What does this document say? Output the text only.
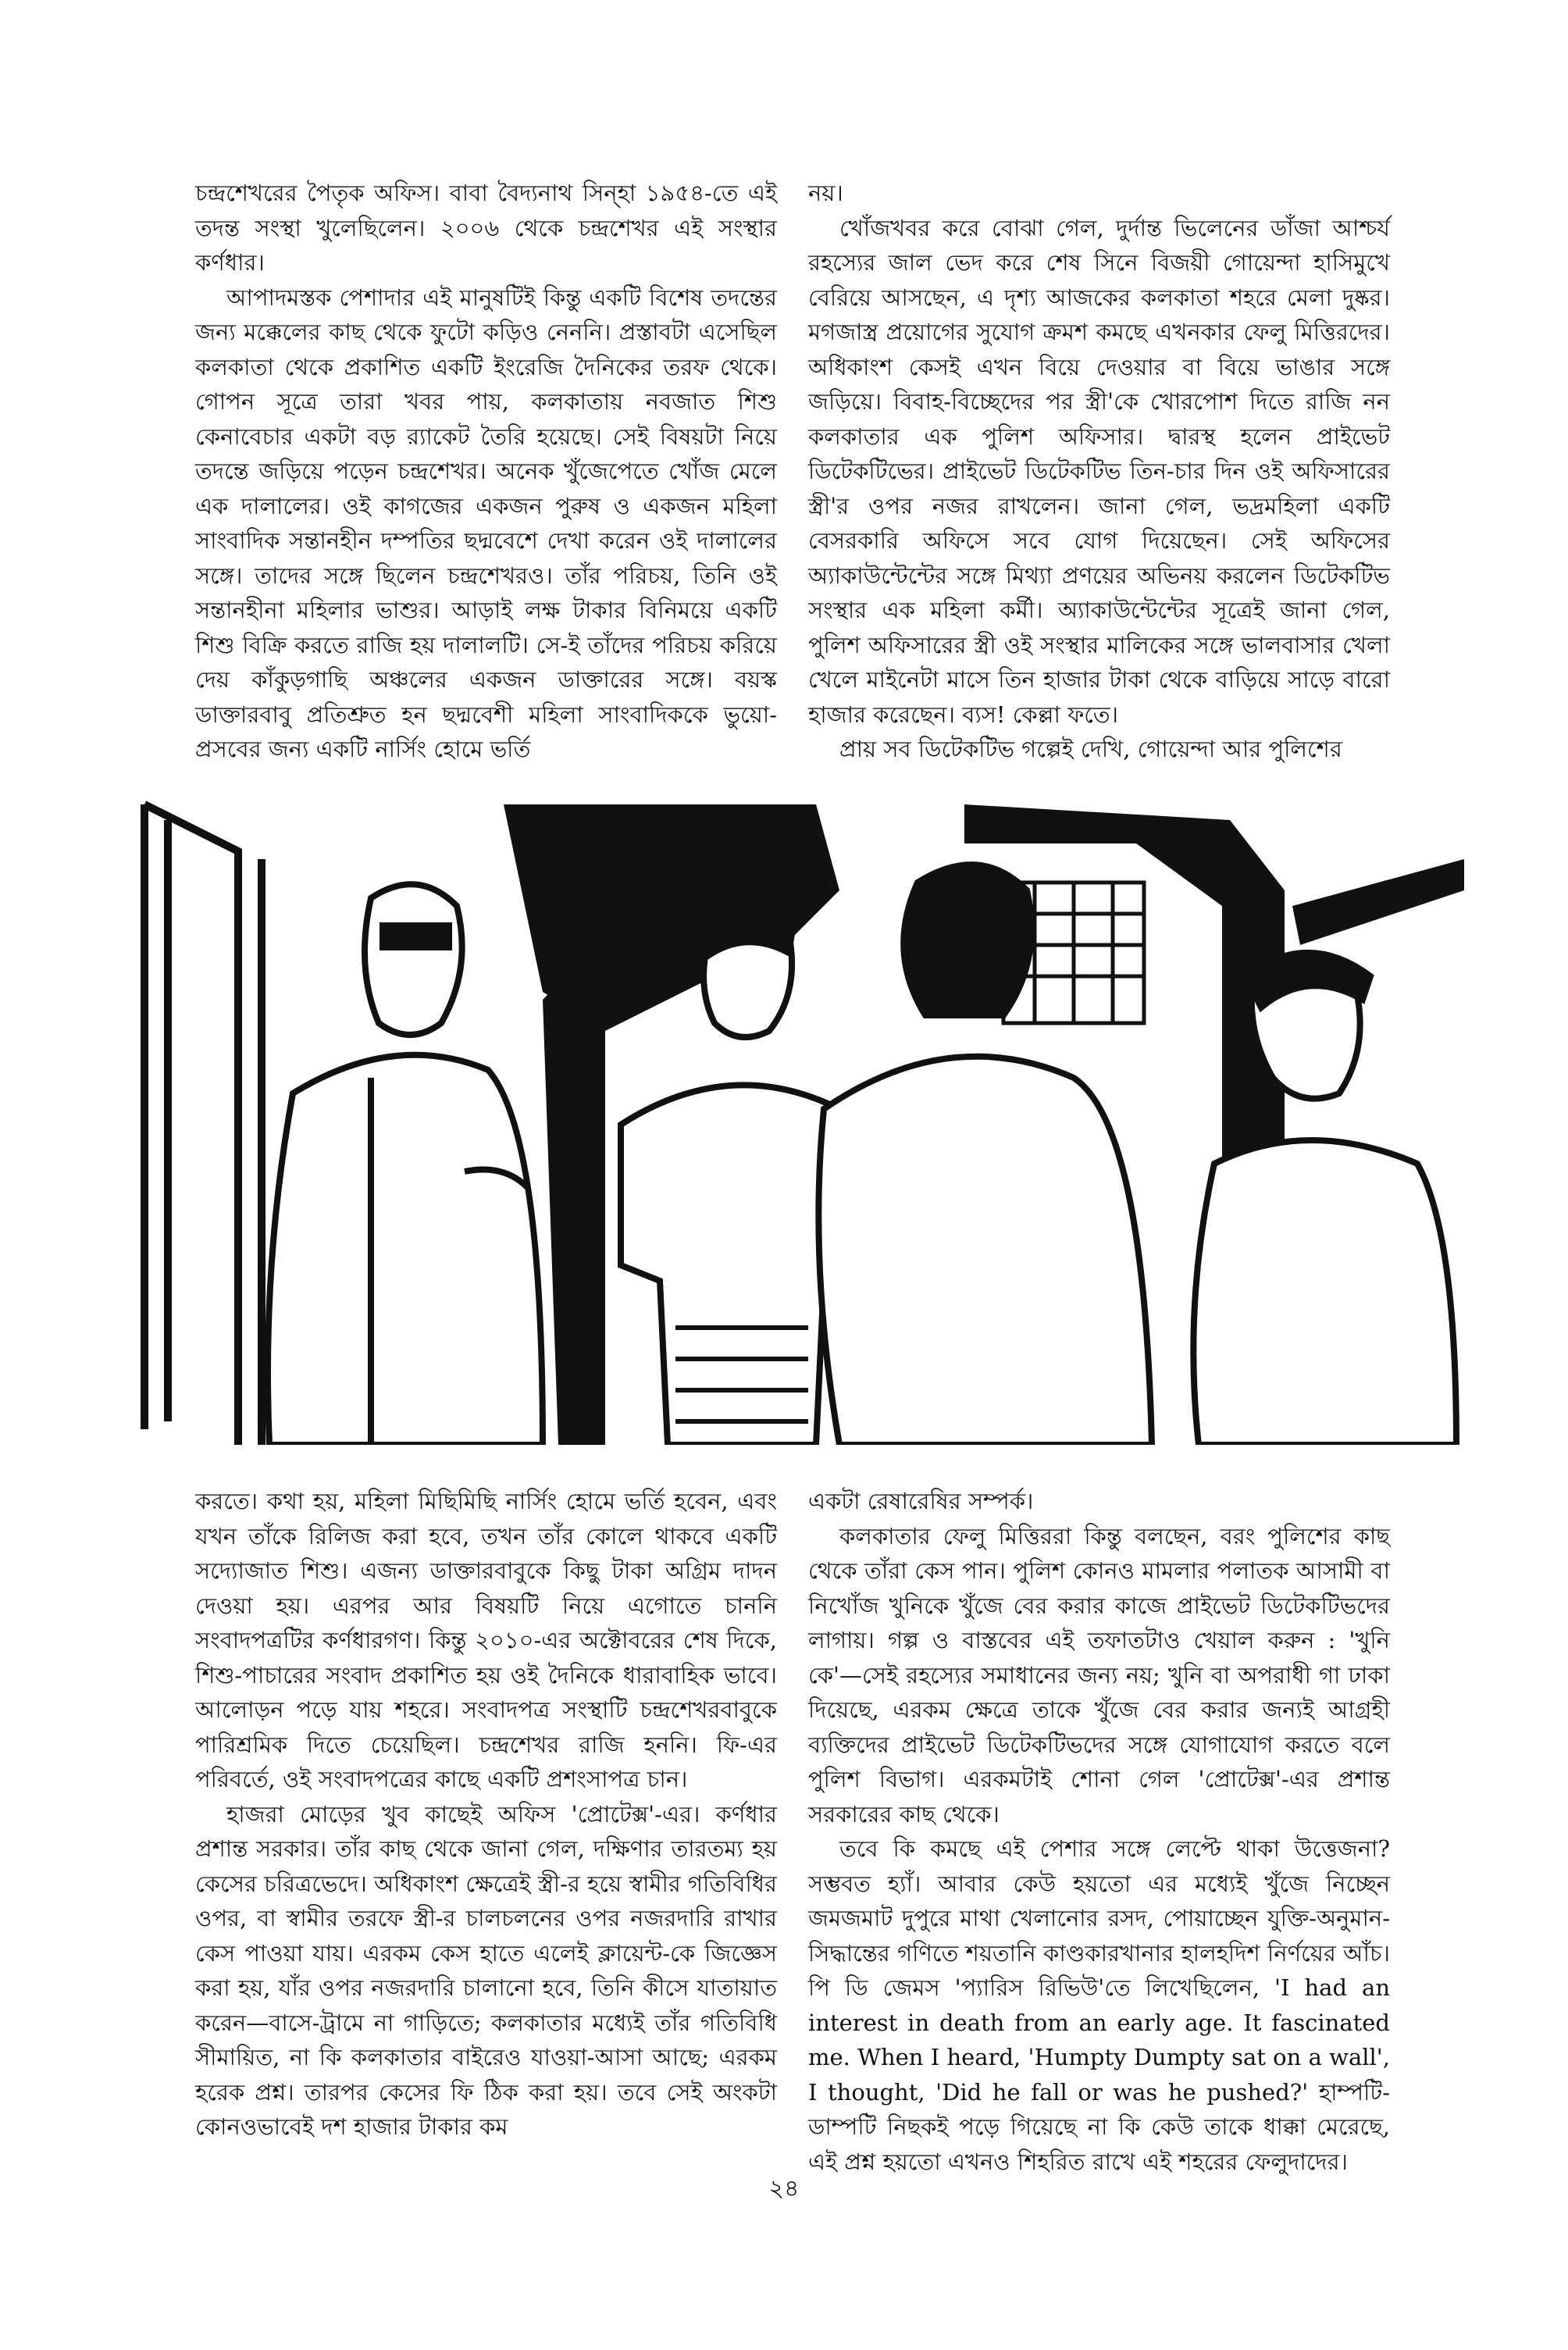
চন্দ্রশেখরের পৈতৃক অফিস। বাবা বৈদ্যনাথ সিন্‌হা ১৯৫৪-তে এই তদন্ত সংস্থা খুলেছিলেন। ২০০৬ থেকে চন্দ্রশেখর এই সংস্থার কর্ণধার।

আপাদমস্তক পেশাদার এই মানুষটিই কিন্তু একটি বিশেষ তদন্তের জন্য মক্কেলের কাছ থেকে ফুটো কড়িও নেননি। প্রস্তাবটা এসেছিল কলকাতা থেকে প্রকাশিত একটি ইংরেজি দৈনিকের তরফ থেকে। গোপন সূত্রে তারা খবর পায়, কলকাতায় নবজাত শিশু কেনাবেচার একটা বড় র‍্যাকেট তৈরি হয়েছে। সেই বিষয়টা নিয়ে তদন্তে জড়িয়ে পড়েন চন্দ্রশেখর। অনেক খুঁজেপেতে খোঁজ মেলে এক দালালের। ওই কাগজের একজন পুরুষ ও একজন মহিলা সাংবাদিক সন্তানহীন দম্পতির ছদ্মবেশে দেখা করেন ওই দালালের সঙ্গে। তাদের সঙ্গে ছিলেন চন্দ্রশেখরও। তাঁর পরিচয়, তিনি ওই সন্তানহীনা মহিলার ভাশুর। আড়াই লক্ষ টাকার বিনিময়ে একটি শিশু বিক্রি করতে রাজি হয় দালালটি। সে-ই তাঁদের পরিচয় করিয়ে দেয় কাঁকুড়গাছি অঞ্চলের একজন ডাক্তারের সঙ্গে। বয়স্ক ডাক্তারবাবু প্রতিশ্রুত হন ছদ্মবেশী মহিলা সাংবাদিককে ভুয়ো-প্রসবের জন্য একটি নার্সিং হোমে ভর্তি

নয়।

খোঁজখবর করে বোঝা গেল, দুর্দান্ত ভিলেনের ডাঁজা আশ্চর্য রহস্যের জাল ভেদ করে শেষ সিনে বিজয়ী গোয়েন্দা হাসিমুখে বেরিয়ে আসছেন, এ দৃশ্য আজকের কলকাতা শহরে মেলা দুষ্কর। মগজাস্ত্র প্রয়োগের সুযোগ ক্রমশ কমছে এখনকার ফেলু মিত্তিরদের। অধিকাংশ কেসই এখন বিয়ে দেওয়ার বা বিয়ে ভাঙার সঙ্গে জড়িয়ে। বিবাহ-বিচ্ছেদের পর স্ত্রী'কে খোরপোশ দিতে রাজি নন কলকাতার এক পুলিশ অফিসার। দ্বারস্থ হলেন প্রাইভেট ডিটেকটিভের। প্রাইভেট ডিটেকটিভ তিন-চার দিন ওই অফিসারের স্ত্রী'র ওপর নজর রাখলেন। জানা গেল, ভদ্রমহিলা একটি বেসরকারি অফিসে সবে যোগ দিয়েছেন। সেই অফিসের অ্যাকাউন্টেন্টের সঙ্গে মিথ্যা প্রণয়ের অভিনয় করলেন ডিটেকটিভ সংস্থার এক মহিলা কর্মী। অ্যাকাউন্টেন্টের সূত্রেই জানা গেল, পুলিশ অফিসারের স্ত্রী ওই সংস্থার মালিকের সঙ্গে ভালবাসার খেলা খেলে মাইনেটা মাসে তিন হাজার টাকা থেকে বাড়িয়ে সাড়ে বারো হাজার করেছেন। ব্যস! কেল্লা ফতে।

প্রায় সব ডিটেকটিভ গল্পেই দেখি, গোয়েন্দা আর পুলিশের

করতে। কথা হয়, মহিলা মিছিমিছি নার্সিং হোমে ভর্তি হবেন, এবং যখন তাঁকে রিলিজ করা হবে, তখন তাঁর কোলে থাকবে একটি সদ্যোজাত শিশু। এজন্য ডাক্তারবাবুকে কিছু টাকা অগ্রিম দাদন দেওয়া হয়। এরপর আর বিষয়টি নিয়ে এগোতে চাননি সংবাদপত্রটির কর্ণধারগণ। কিন্তু ২০১০-এর অক্টোবরের শেষ দিকে, শিশু-পাচারের সংবাদ প্রকাশিত হয় ওই দৈনিকে ধারাবাহিক ভাবে। আলোড়ন পড়ে যায় শহরে। সংবাদপত্র সংস্থাটি চন্দ্রশেখরবাবুকে পারিশ্রমিক দিতে চেয়েছিল। চন্দ্রশেখর রাজি হননি। ফি-এর পরিবর্তে, ওই সংবাদপত্রের কাছে একটি প্রশংসাপত্র চান।

হাজরা মোড়ের খুব কাছেই অফিস 'প্রোটেক্স'-এর। কর্ণধার প্রশান্ত সরকার। তাঁর কাছ থেকে জানা গেল, দক্ষিণার তারতম্য হয় কেসের চরিত্রভেদে। অধিকাংশ ক্ষেত্রেই স্ত্রী-র হয়ে স্বামীর গতিবিধির ওপর, বা স্বামীর তরফে স্ত্রী-র চালচলনের ওপর নজরদারি রাখার কেস পাওয়া যায়। এরকম কেস হাতে এলেই ক্লায়েন্ট-কে জিজ্ঞেস করা হয়, যাঁর ওপর নজরদারি চালানো হবে, তিনি কীসে যাতায়াত করেন—বাসে-ট্রামে না গাড়িতে; কলকাতার মধ্যেই তাঁর গতিবিধি সীমায়িত, না কি কলকাতার বাইরেও যাওয়া-আসা আছে; এরকম হরেক প্রশ্ন। তারপর কেসের ফি ঠিক করা হয়। তবে সেই অংকটা কোনওভাবেই দশ হাজার টাকার কম

একটা রেষারেষির সম্পর্ক।

কলকাতার ফেলু মিত্তিররা কিন্তু বলছেন, বরং পুলিশের কাছ থেকে তাঁরা কেস পান। পুলিশ কোনও মামলার পলাতক আসামী বা নিখোঁজ খুনিকে খুঁজে বের করার কাজে প্রাইভেট ডিটেকটিভদের লাগায়। গল্প ও বাস্তবের এই তফাতটাও খেয়াল করুন : 'খুনি কে'—সেই রহস্যের সমাধানের জন্য নয়; খুনি বা অপরাধী গা ঢাকা দিয়েছে, এরকম ক্ষেত্রে তাকে খুঁজে বের করার জন্যই আগ্রহী ব্যক্তিদের প্রাইভেট ডিটেকটিভদের সঙ্গে যোগাযোগ করতে বলে পুলিশ বিভাগ। এরকমটাই শোনা গেল 'প্রোটেক্স'-এর প্রশান্ত সরকারের কাছ থেকে।

তবে কি কমছে এই পেশার সঙ্গে লেপ্টে থাকা উত্তেজনা? সম্ভবত হ্যাঁ। আবার কেউ হয়তো এর মধ্যেই খুঁজে নিচ্ছেন জমজমাট দুপুরে মাথা খেলানোর রসদ, পোয়াচ্ছেন যুক্তি-অনুমান-সিদ্ধান্তের গণিতে শয়তানি কাণ্ডকারখানার হালহদিশ নির্ণয়ের আঁচ। পি ডি জেমস 'প্যারিস রিভিউ'তে লিখেছিলেন, 'I had an interest in death from an early age. It fascinated me. When I heard, 'Humpty Dumpty sat on a wall', I thought, 'Did he fall or was he pushed?' হাম্পটি-ডাম্পটি নিছকই পড়ে গিয়েছে না কি কেউ তাকে ধাক্কা মেরেছে, এই প্রশ্ন হয়তো এখনও শিহরিত রাখে এই শহরের ফেলুদাদের।

২৪
